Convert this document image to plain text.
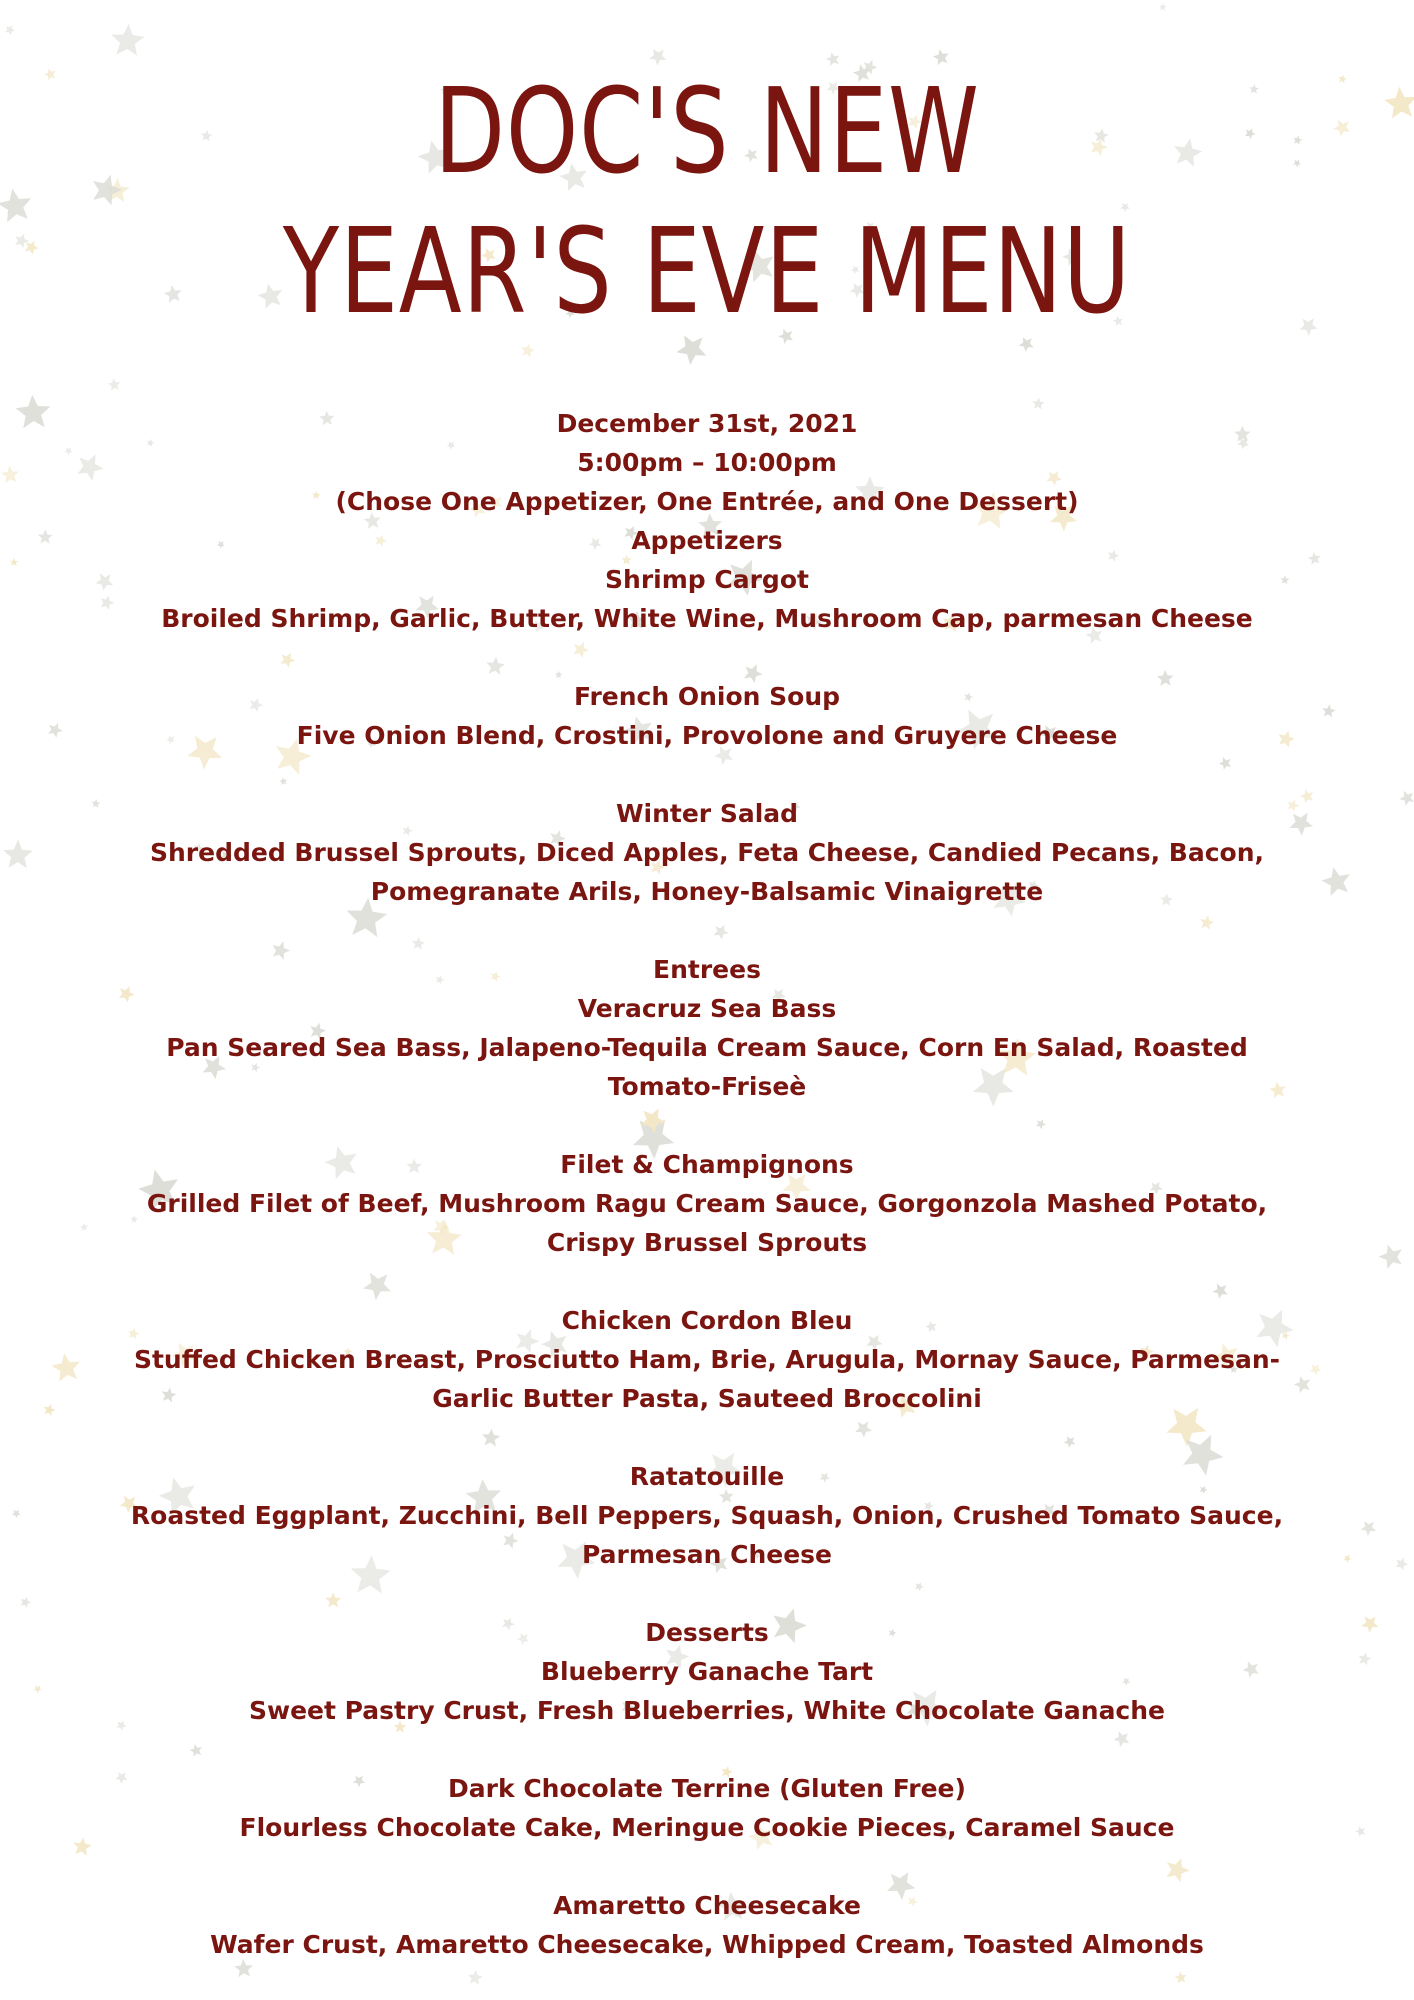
DOC'S NEW
YEAR'S EVE MENU
December 31st, 2021
5:00pm – 10:00pm
(Chose One Appetizer, One Entrée, and One Dessert)
Appetizers
Shrimp Cargot
Broiled Shrimp, Garlic, Butter, White Wine, Mushroom Cap, parmesan Cheese
French Onion Soup
Five Onion Blend, Crostini, Provolone and Gruyere Cheese
Winter Salad
Shredded Brussel Sprouts, Diced Apples, Feta Cheese, Candied Pecans, Bacon,
Pomegranate Arils, Honey-Balsamic Vinaigrette
Entrees
Veracruz Sea Bass
Pan Seared Sea Bass, Jalapeno-Tequila Cream Sauce, Corn En Salad, Roasted
Tomato-Friseè
Filet & Champignons
Grilled Filet of Beef, Mushroom Ragu Cream Sauce, Gorgonzola Mashed Potato,
Crispy Brussel Sprouts
Chicken Cordon Bleu
Stuffed Chicken Breast, Prosciutto Ham, Brie, Arugula, Mornay Sauce, Parmesan-
Garlic Butter Pasta, Sauteed Broccolini
Ratatouille
Roasted Eggplant, Zucchini, Bell Peppers, Squash, Onion, Crushed Tomato Sauce,
Parmesan Cheese
Desserts
Blueberry Ganache Tart
Sweet Pastry Crust, Fresh Blueberries, White Chocolate Ganache
Dark Chocolate Terrine (Gluten Free)
Flourless Chocolate Cake, Meringue Cookie Pieces, Caramel Sauce
Amaretto Cheesecake
Wafer Crust, Amaretto Cheesecake, Whipped Cream, Toasted Almonds
